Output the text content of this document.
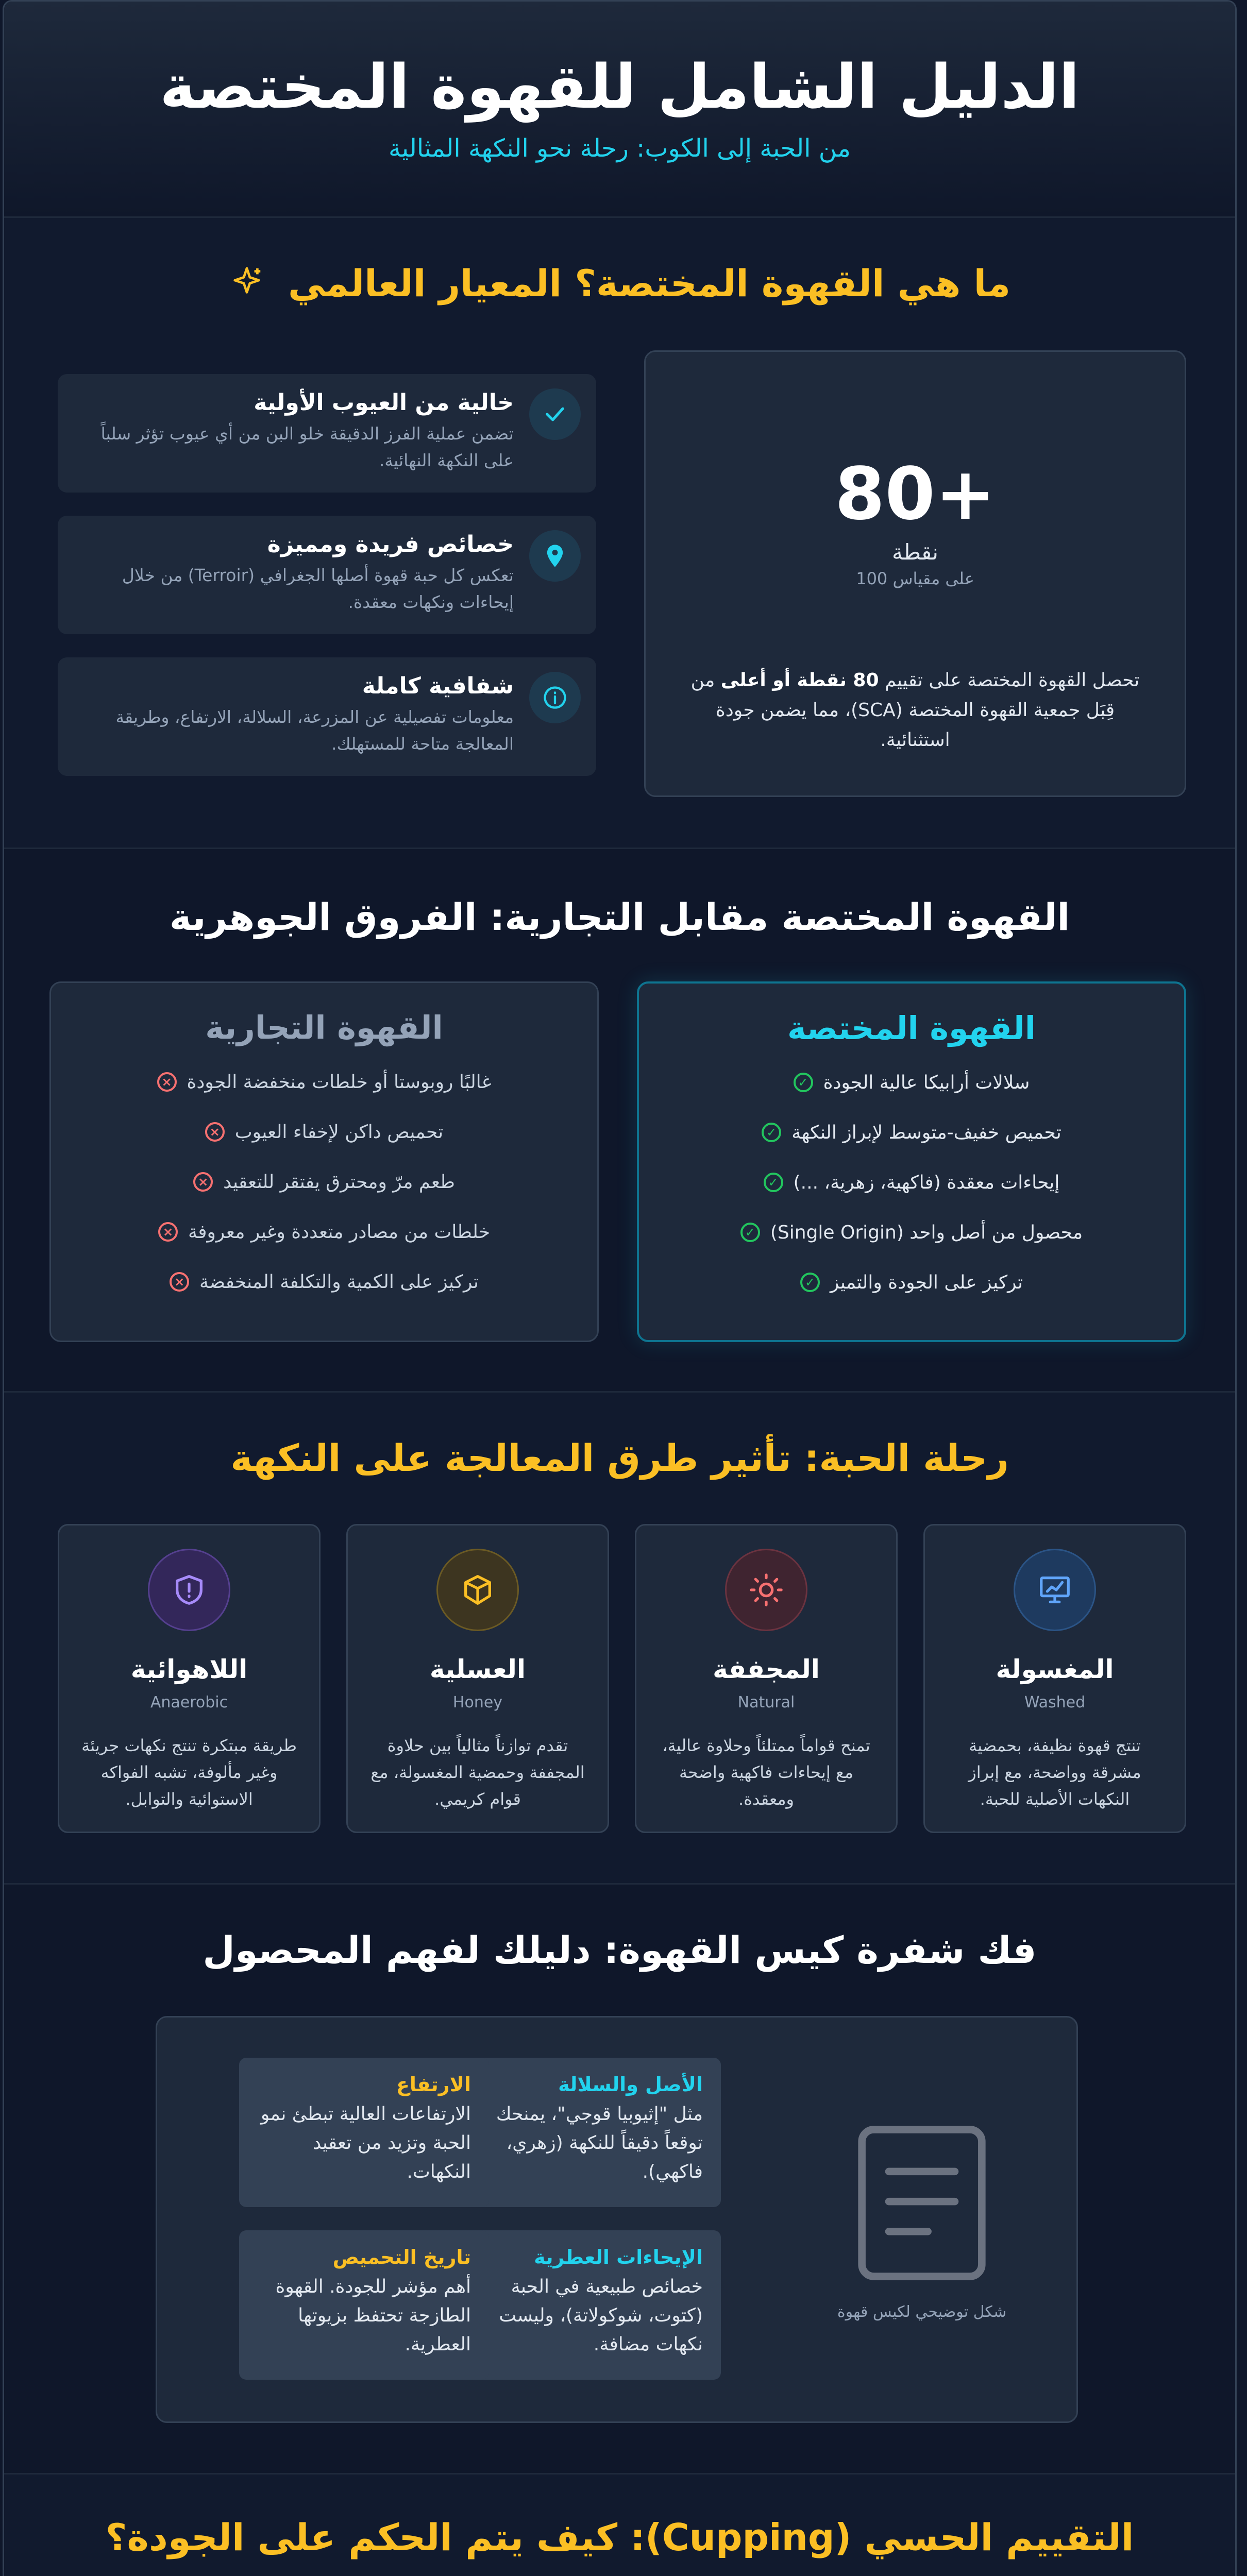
الدليل الشامل للقهوة المختصة
من الحبة إلى الكوب: رحلة نحو النكهة المثالية
ما هي القهوة المختصة؟ المعيار العالمي
80+
نقطة
على مقياس 100
تحصل القهوة المختصة على تقييم 80 نقطة أو أعلى من قِبَل جمعية القهوة المختصة (SCA)، مما يضمن جودة استثنائية.
خالية من العيوب الأولية

تضمن عملية الفرز الدقيقة خلو البن من أي عيوب تؤثر سلباً على النكهة النهائية.

خصائص فريدة ومميزة

تعكس كل حبة قهوة أصلها الجغرافي (Terroir) من خلال إيحاءات ونكهات معقدة.

شفافية كاملة

معلومات تفصيلية عن المزرعة، السلالة، الارتفاع، وطريقة المعالجة متاحة للمستهلك.

القهوة المختصة مقابل التجارية: الفروق الجوهرية
القهوة المختصة
سلالات أرابيكا عالية الجودة
✓
تحميص خفيف-متوسط لإبراز النكهة
✓
إيحاءات معقدة (فاكهية، زهرية، ...)
✓
محصول من أصل واحد (Single Origin)
✓
تركيز على الجودة والتميز
✓
القهوة التجارية
غالبًا روبوستا أو خلطات منخفضة الجودة
×
تحميص داكن لإخفاء العيوب
×
طعم مرّ ومحترق يفتقر للتعقيد
×
خلطات من مصادر متعددة وغير معروفة
×
تركيز على الكمية والتكلفة المنخفضة
×
رحلة الحبة: تأثير طرق المعالجة على النكهة
المغسولة
Washed

تنتج قهوة نظيفة، بحمضية مشرقة وواضحة، مع إبراز النكهات الأصلية للحبة.

المجففة
Natural

تمنح قواماً ممتلئاً وحلاوة عالية، مع إيحاءات فاكهية واضحة ومعقدة.

العسلية
Honey

تقدم توازناً مثالياً بين حلاوة المجففة وحمضية المغسولة، مع قوام كريمي.

اللاهوائية
Anaerobic

طريقة مبتكرة تنتج نكهات جريئة وغير مألوفة، تشبه الفواكه الاستوائية والتوابل.

فك شفرة كيس القهوة: دليلك لفهم المحصول
شكل توضيحي لكيس قهوة
الأصل والسلالة

مثل "إثيوبيا قوجي"، يمنحك توقعاً دقيقاً للنكهة (زهري، فاكهي).

الارتفاع

الارتفاعات العالية تبطئ نمو الحبة وتزيد من تعقيد النكهات.

الإيحاءات العطرية

خصائص طبيعية في الحبة (كتوت، شوكولاتة)، وليست نكهات مضافة.

تاريخ التحميص

أهم مؤشر للجودة. القهوة الطازجة تحتفظ بزيوتها العطرية.

التقييم الحسي (Cupping): كيف يتم الحكم على الجودة؟
